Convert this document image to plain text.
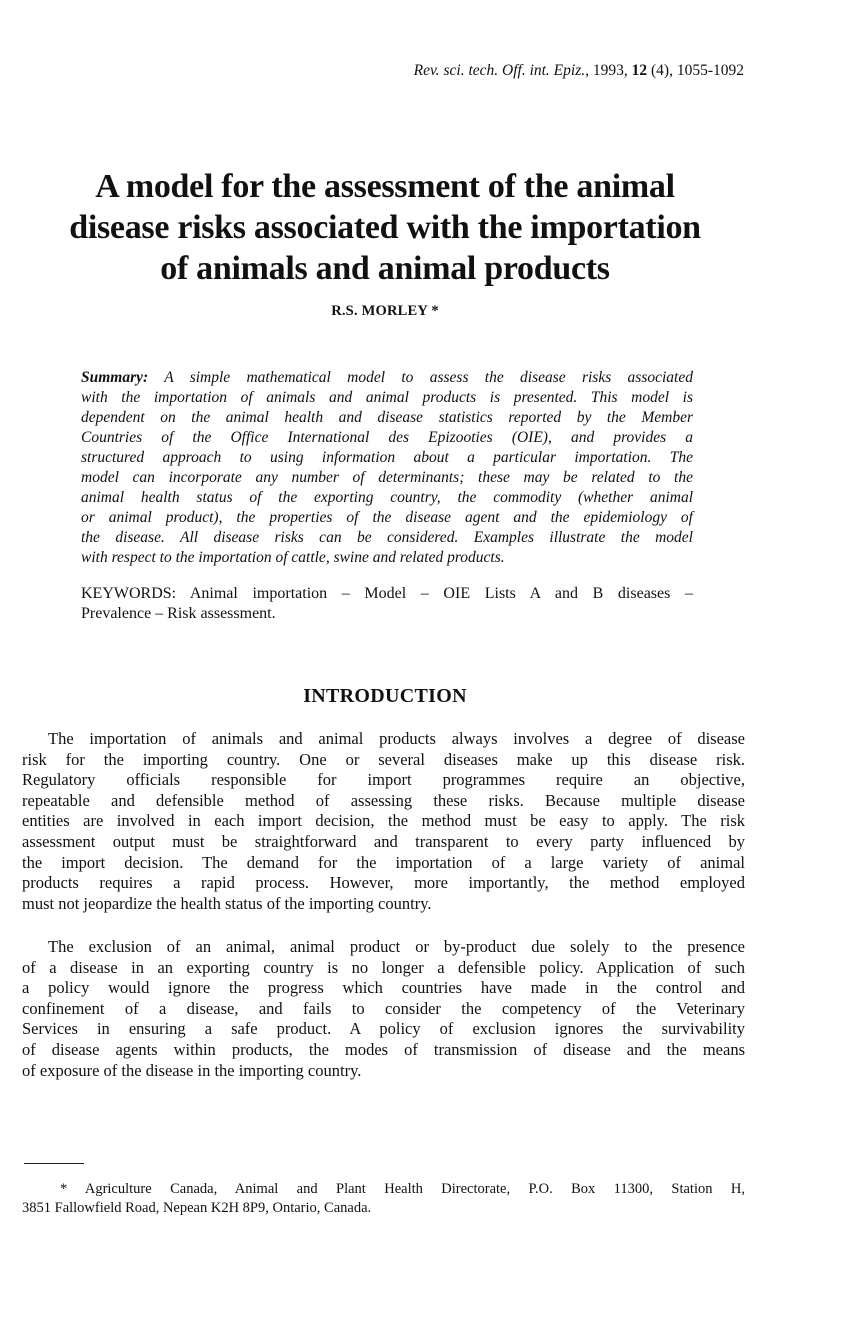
Rev. sci. tech. Off. int. Epiz., 1993, 12 (4), 1055-1092
A model for the assessment of the animal
disease risks associated with the importation
of animals and animal products
R.S. MORLEY *
Summary: A simple mathematical model to assess the disease risks associated
with the importation of animals and animal products is presented. This model is
dependent on the animal health and disease statistics reported by the Member
Countries of the Office International des Epizooties (OIE), and provides a
structured approach to using information about a particular importation. The
model can incorporate any number of determinants; these may be related to the
animal health status of the exporting country, the commodity (whether animal
or animal product), the properties of the disease agent and the epidemiology of
the disease. All disease risks can be considered. Examples illustrate the model
with respect to the importation of cattle, swine and related products.
KEYWORDS: Animal importation – Model – OIE Lists A and B diseases –
Prevalence – Risk assessment.
INTRODUCTION
The importation of animals and animal products always involves a degree of disease
risk for the importing country. One or several diseases make up this disease risk.
Regulatory officials responsible for import programmes require an objective,
repeatable and defensible method of assessing these risks. Because multiple disease
entities are involved in each import decision, the method must be easy to apply. The risk
assessment output must be straightforward and transparent to every party influenced by
the import decision. The demand for the importation of a large variety of animal
products requires a rapid process. However, more importantly, the method employed
must not jeopardize the health status of the importing country.
The exclusion of an animal, animal product or by-product due solely to the presence
of a disease in an exporting country is no longer a defensible policy. Application of such
a policy would ignore the progress which countries have made in the control and
confinement of a disease, and fails to consider the competency of the Veterinary
Services in ensuring a safe product. A policy of exclusion ignores the survivability
of disease agents within products, the modes of transmission of disease and the means
of exposure of the disease in the importing country.
* Agriculture Canada, Animal and Plant Health Directorate, P.O. Box 11300, Station H,
3851 Fallowfield Road, Nepean K2H 8P9, Ontario, Canada.
